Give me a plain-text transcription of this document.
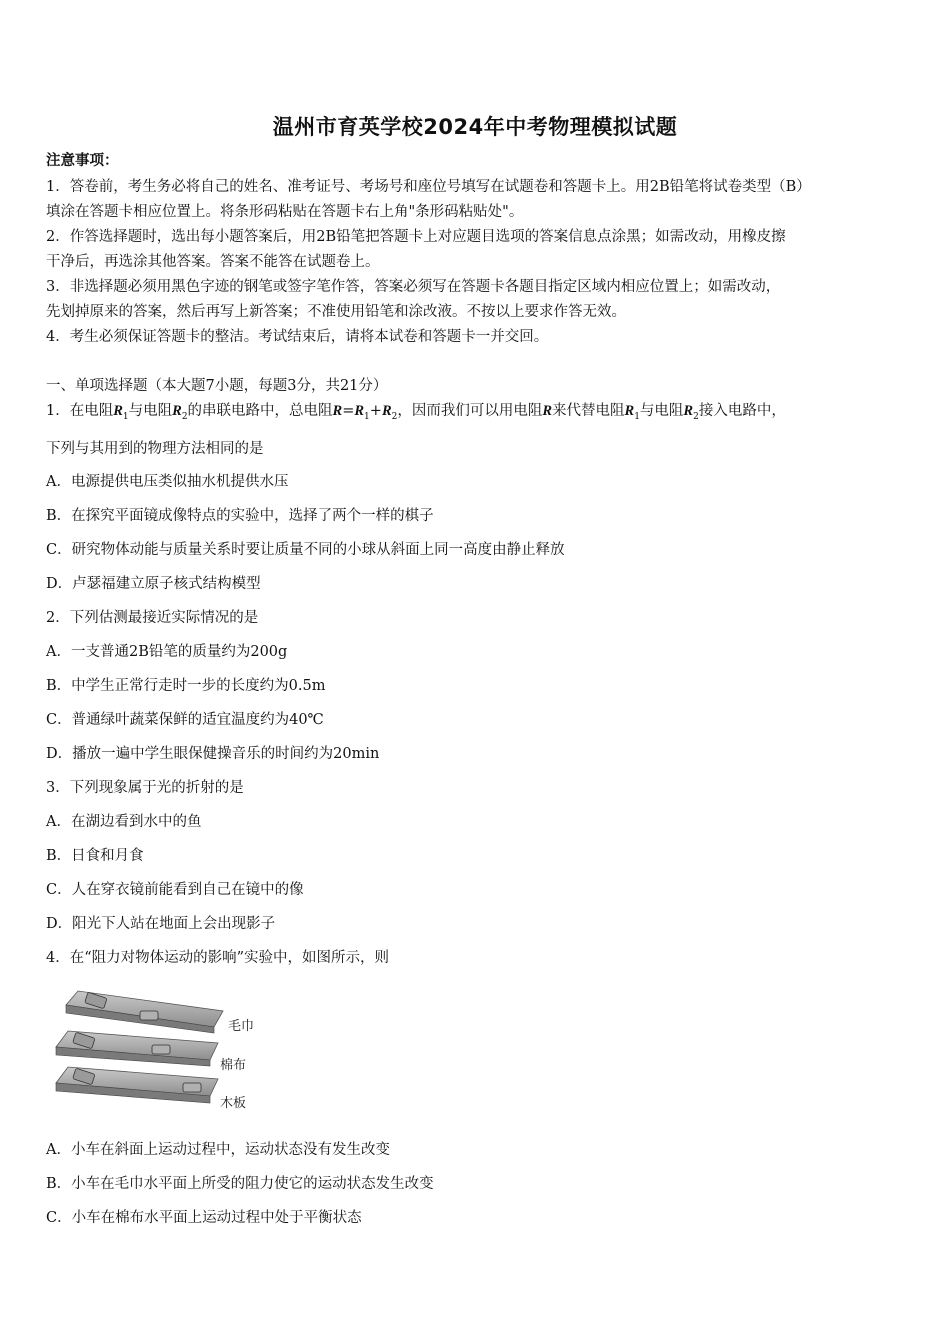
温州市育英学校2024年中考物理模拟试题
注意事项：
1．答卷前，考生务必将自己的姓名、准考证号、考场号和座位号填写在试题卷和答题卡上。用2B铅笔将试卷类型（B）
填涂在答题卡相应位置上。将条形码粘贴在答题卡右上角"条形码粘贴处"。
2．作答选择题时，选出每小题答案后，用2B铅笔把答题卡上对应题目选项的答案信息点涂黑；如需改动，用橡皮擦
干净后，再选涂其他答案。答案不能答在试题卷上。
3．非选择题必须用黑色字迹的钢笔或签字笔作答，答案必须写在答题卡各题目指定区域内相应位置上；如需改动，
先划掉原来的答案，然后再写上新答案；不准使用铅笔和涂改液。不按以上要求作答无效。
4．考生必须保证答题卡的整洁。考试结束后，请将本试卷和答题卡一并交回。
一、单项选择题（本大题7小题，每题3分，共21分）
1．在电阻$R_1$与电阻$R_2$的串联电路中，总电阻$R=R_1+R_2$，因而我们可以用电阻R来代替电阻$R_1$与电阻$R_2$接入电路中，
下列与其用到的物理方法相同的是
A．电源提供电压类似抽水机提供水压
B．在探究平面镜成像特点的实验中，选择了两个一样的棋子
C．研究物体动能与质量关系时要让质量不同的小球从斜面上同一高度由静止释放
D．卢瑟福建立原子核式结构模型
2．下列估测最接近实际情况的是
A．一支普通2B铅笔的质量约为200g
B．中学生正常行走时一步的长度约为0.5m
C．普通绿叶蔬菜保鲜的适宜温度约为40℃
D．播放一遍中学生眼保健操音乐的时间约为20min
3．下列现象属于光的折射的是
A．在湖边看到水中的鱼
B．日食和月食
C．人在穿衣镜前能看到自己在镜中的像
D．阳光下人站在地面上会出现影子
4．在“阻力对物体运动的影响”实验中，如图所示，则
毛巾
棉布
木板
A．小车在斜面上运动过程中，运动状态没有发生改变
B．小车在毛巾水平面上所受的阻力使它的运动状态发生改变
C．小车在棉布水平面上运动过程中处于平衡状态
